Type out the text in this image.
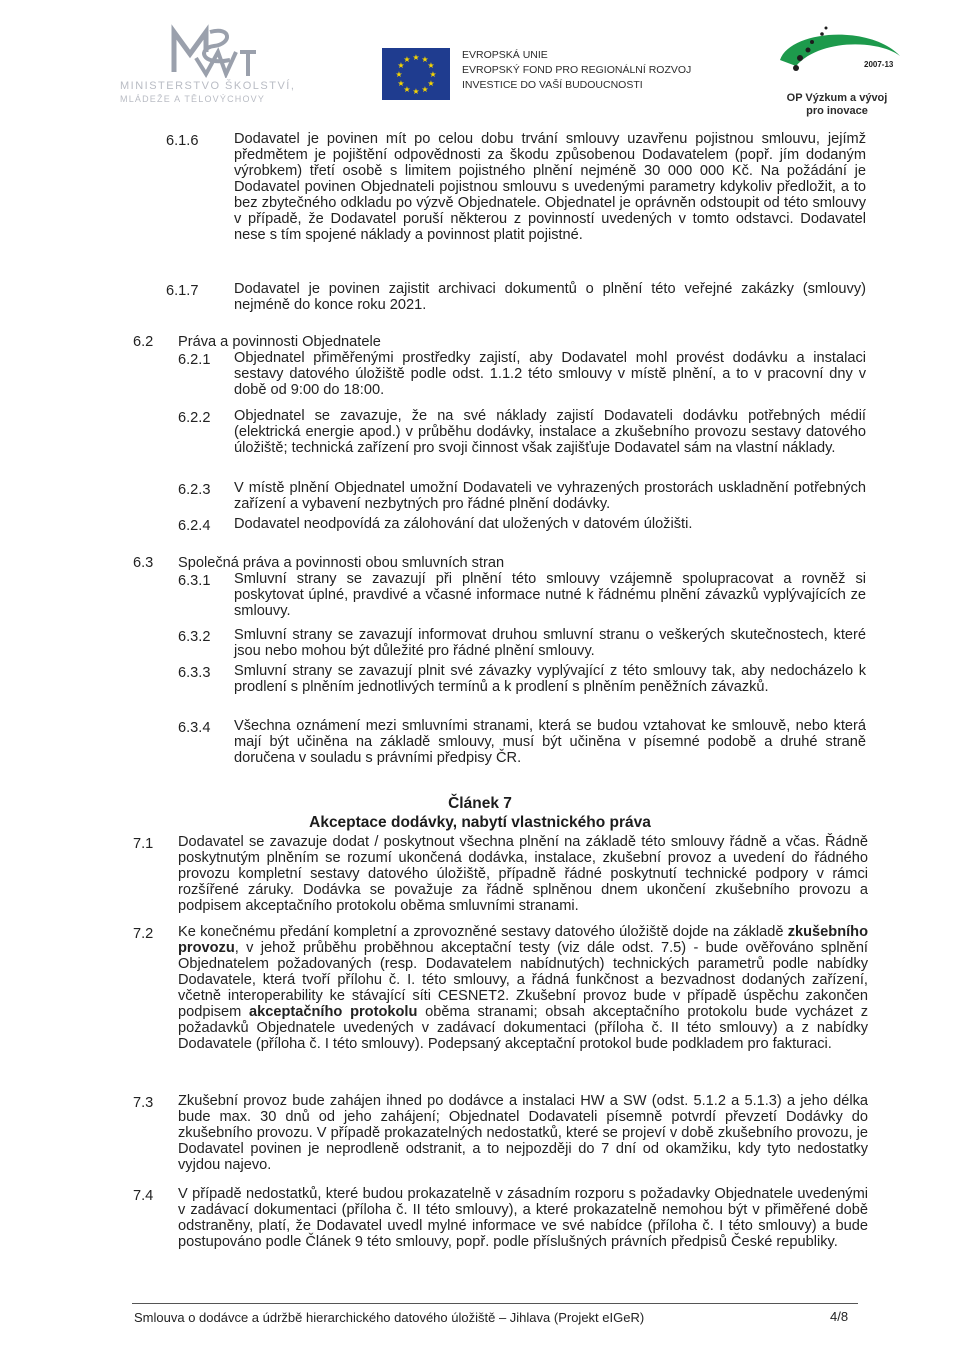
MINISTERSTVO ŠKOLSTVÍ,
MLÁDEŽE A TĚLOVÝCHOVY
★ ★
★
★
★
★
★
★
★
★
★
★	EVROPSKÁ UNIE
EVROPSKÝ FOND PRO REGIONÁLNÍ ROZVOJ
INVESTICE DO VAŠÍ BUDOUCNOSTI
2007-13
OP Výzkum a vývoj
pro inovace
6.1.6 Dodavatel je povinen mít po celou dobu trvání smlouvy uzavřenu pojistnou smlouvu, jejímž předmětem je pojištění odpovědnosti za škodu způsobenou Dodavatelem (popř. jím dodaným výrobkem) třetí osobě s limitem pojistného plnění nejméně 30 000 000 Kč. Na požádání je Dodavatel povinen Objednateli pojistnou smlouvu s uvedenými parametry kdykoliv předložit, a to bez zbytečného odkladu po výzvě Objednatele. Objednatel je oprávněn odstoupit od této smlouvy v případě, že Dodavatel poruší některou z povinností uvedených v tomto odstavci. Dodavatel nese s tím spojené náklady a povinnost platit pojistné.
6.1.7 Dodavatel je povinen zajistit archivaci dokumentů o plnění této veřejné zakázky (smlouvy) nejméně do konce roku 2021.
6.2 Práva a povinnosti Objednatele
6.2.1 Objednatel přiměřenými prostředky zajistí, aby Dodavatel mohl provést dodávku a instalaci sestavy datového úložiště podle odst. 1.1.2 této smlouvy v místě plnění, a to v pracovní dny v době od 9:00 do 18:00.
6.2.2 Objednatel se zavazuje, že na své náklady zajistí Dodavateli dodávku potřebných médií (elektrická energie apod.) v průběhu dodávky, instalace a zkušebního provozu sestavy datového úložiště; technická zařízení pro svoji činnost však zajišťuje Dodavatel sám na vlastní náklady.
6.2.3 V místě plnění Objednatel umožní Dodavateli ve vyhrazených prostorách uskladnění potřebných zařízení a vybavení nezbytných pro řádné plnění dodávky.
6.2.4 Dodavatel neodpovídá za zálohování dat uložených v datovém úložišti.
6.3 Společná práva a povinnosti obou smluvních stran
6.3.1 Smluvní strany se zavazují při plnění této smlouvy vzájemně spolupracovat a rovněž si poskytovat úplné, pravdivé a včasné informace nutné k řádnému plnění závazků vyplývajících ze smlouvy.
6.3.2 Smluvní strany se zavazují informovat druhou smluvní stranu o veškerých skutečnostech, které jsou nebo mohou být důležité pro řádné plnění smlouvy.
6.3.3 Smluvní strany se zavazují plnit své závazky vyplývající z této smlouvy tak, aby nedocházelo k prodlení s plněním jednotlivých termínů a k prodlení s plněním peněžních závazků.
6.3.4 Všechna oznámení mezi smluvními stranami, která se budou vztahovat ke smlouvě, nebo která mají být učiněna na základě smlouvy, musí být učiněna v písemné podobě a druhé straně doručena v souladu s právními předpisy ČR.
Článek 7
Akceptace dodávky, nabytí vlastnického práva
7.1 Dodavatel se zavazuje dodat / poskytnout všechna plnění na základě této smlouvy řádně a včas. Řádně poskytnutým plněním se rozumí ukončená dodávka, instalace, zkušební provoz a uvedení do řádného provozu kompletní sestavy datového úložiště, případně řádné poskytnutí technické podpory v rámci rozšířené záruky. Dodávka se považuje za řádně splněnou dnem ukončení zkušebního provozu a podpisem akceptačního protokolu oběma smluvními stranami.
7.2 Ke konečnému předání kompletní a zprovozněné sestavy datového úložiště dojde na základě zkušebního provozu, v jehož průběhu proběhnou akceptační testy (viz dále odst. 7.5) - bude ověřováno splnění Objednatelem požadovaných (resp. Dodavatelem nabídnutých) technických parametrů podle nabídky Dodavatele, která tvoří přílohu č. I. této smlouvy, a řádná funkčnost a bezvadnost dodaných zařízení, včetně interoperability ke stávající síti CESNET2. Zkušební provoz bude v případě úspěchu zakončen podpisem akceptačního protokolu oběma stranami; obsah akceptačního protokolu bude vycházet z požadavků Objednatele uvedených v zadávací dokumentaci (příloha č. II této smlouvy) a z nabídky Dodavatele (příloha č. I této smlouvy). Podepsaný akceptační protokol bude podkladem pro fakturaci.
7.3 Zkušební provoz bude zahájen ihned po dodávce a instalaci HW a SW (odst. 5.1.2 a 5.1.3) a jeho délka bude max. 30 dnů od jeho zahájení; Objednatel Dodavateli písemně potvrdí převzetí Dodávky do zkušebního provozu. V případě prokazatelných nedostatků, které se projeví v době zkušebního provozu, je Dodavatel povinen je neprodleně odstranit, a to nejpozději do 7 dní od okamžiku, kdy tyto nedostatky vyjdou najevo.
7.4 V případě nedostatků, které budou prokazatelně v zásadním rozporu s požadavky Objednatele uvedenými v zadávací dokumentaci (příloha č. II této smlouvy), a které prokazatelně nemohou být v přiměřené době odstraněny, platí, že Dodavatel uvedl mylné informace ve své nabídce (příloha č. I této smlouvy) a bude postupováno podle Článek 9 této smlouvy, popř. podle příslušných právních předpisů České republiky.
Smlouva o dodávce a údržbě hierarchického datového úložiště – Jihlava (Projekt eIGeR)	4/8
